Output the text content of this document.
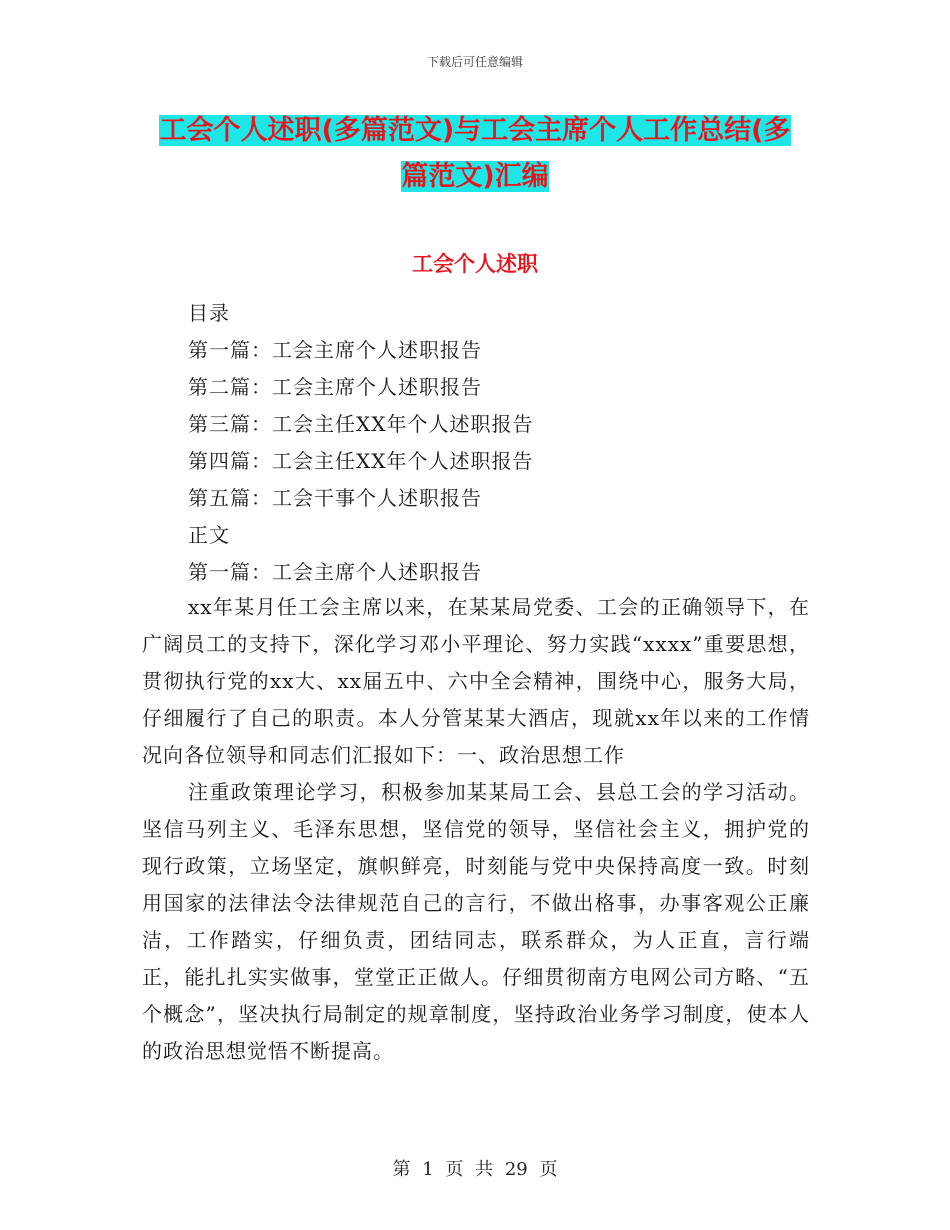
下载后可任意编辑
工会个人述职(多篇范文)与工会主席个人工作总结(多
篇范文)汇编
工会个人述职
目录
第一篇：工会主席个人述职报告
第二篇：工会主席个人述职报告
第三篇：工会主任XX年个人述职报告
第四篇：工会主任XX年个人述职报告
第五篇：工会干事个人述职报告
正文
第一篇：工会主席个人述职报告
xx年某月任工会主席以来，在某某局党委、工会的正确领导下，在广阔员工的支持下，深化学习邓小平理论、努力实践“xxxx”重要思想，贯彻执行党的xx大、xx届五中、六中全会精神，围绕中心，服务大局，仔细履行了自己的职责。本人分管某某大酒店，现就xx年以来的工作情况向各位领导和同志们汇报如下：一、政治思想工作
注重政策理论学习，积极参加某某局工会、县总工会的学习活动。坚信马列主义、毛泽东思想，坚信党的领导，坚信社会主义，拥护党的现行政策，立场坚定，旗帜鲜亮，时刻能与党中央保持高度一致。时刻用国家的法律法令法律规范自己的言行，不做出格事，办事客观公正廉洁，工作踏实，仔细负责，团结同志，联系群众，为人正直，言行端正，能扎扎实实做事，堂堂正正做人。仔细贯彻南方电网公司方略、“五个概念”，坚决执行局制定的规章制度，坚持政治业务学习制度，使本人的政治思想觉悟不断提高。
第 1 页 共 29 页
